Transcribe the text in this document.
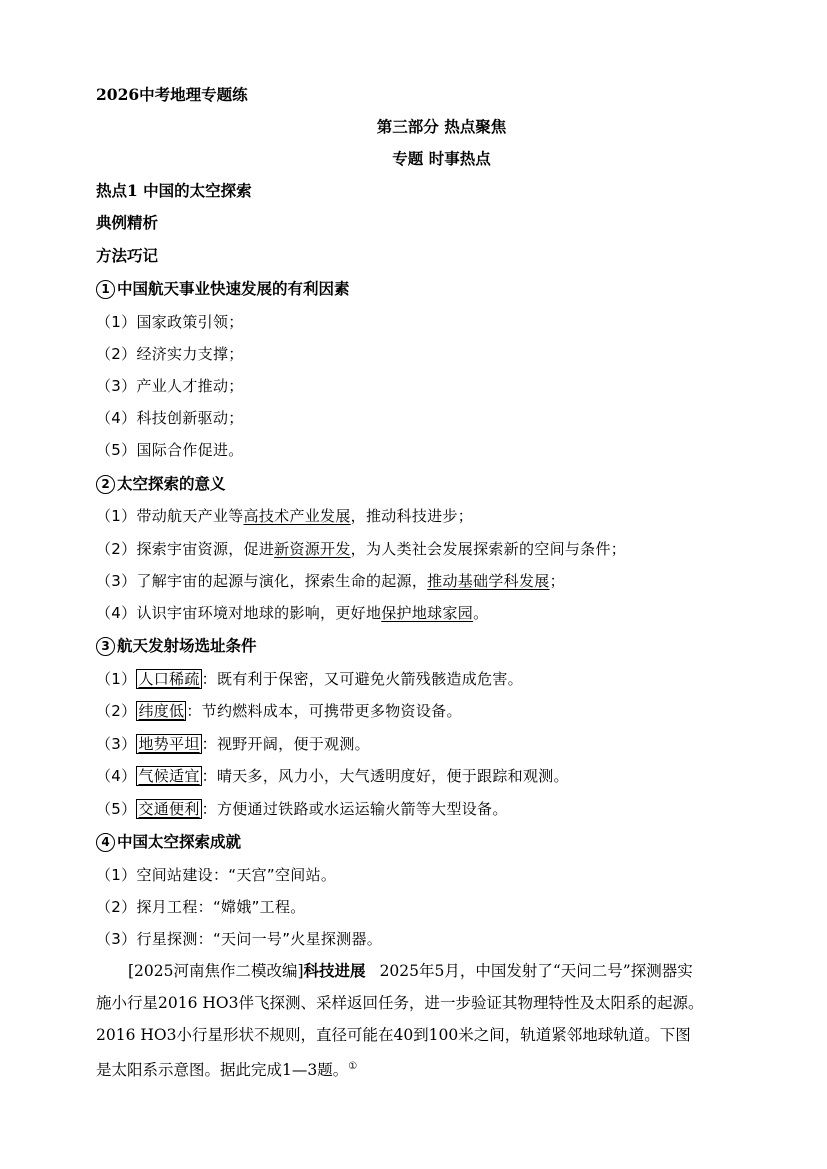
2026中考地理专题练
第三部分 热点聚焦
专题 时事热点
热点1 中国的太空探索
典例精析
方法巧记
1 中国航天事业快速发展的有利因素
（1）国家政策引领；
（2）经济实力支撑；
（3）产业人才推动；
（4）科技创新驱动；
（5）国际合作促进。
2 太空探索的意义
（1）带动航天产业等高技术产业发展，推动科技进步；
（2）探索宇宙资源，促进新资源开发，为人类社会发展探索新的空间与条件；
（3）了解宇宙的起源与演化，探索生命的起源，推动基础学科发展；
（4）认识宇宙环境对地球的影响，更好地保护地球家园。
3 航天发射场选址条件
（1） 人口稀疏 ：既有利于保密，又可避免火箭残骸造成危害。
（2） 纬度低 ：节约燃料成本，可携带更多物资设备。
（3） 地势平坦 ：视野开阔，便于观测。
（4） 气候适宜 ：晴天多，风力小，大气透明度好，便于跟踪和观测。
（5） 交通便利 ：方便通过铁路或水运运输火箭等大型设备。
4 中国太空探索成就
（1）空间站建设：“天宫”空间站。
（2）探月工程：“嫦娥”工程。
（3）行星探测：“天问一号”火星探测器。
[2025河南焦作二模改编]科技进展 2025年5月，中国发射了“天问二号”探测器实
施小行星2016 HO3伴飞探测、采样返回任务，进一步验证其物理特性及太阳系的起源。
2016 HO3小行星形状不规则，直径可能在40到100米之间，轨道紧邻地球轨道。下图
是太阳系示意图。据此完成1—3题。①
